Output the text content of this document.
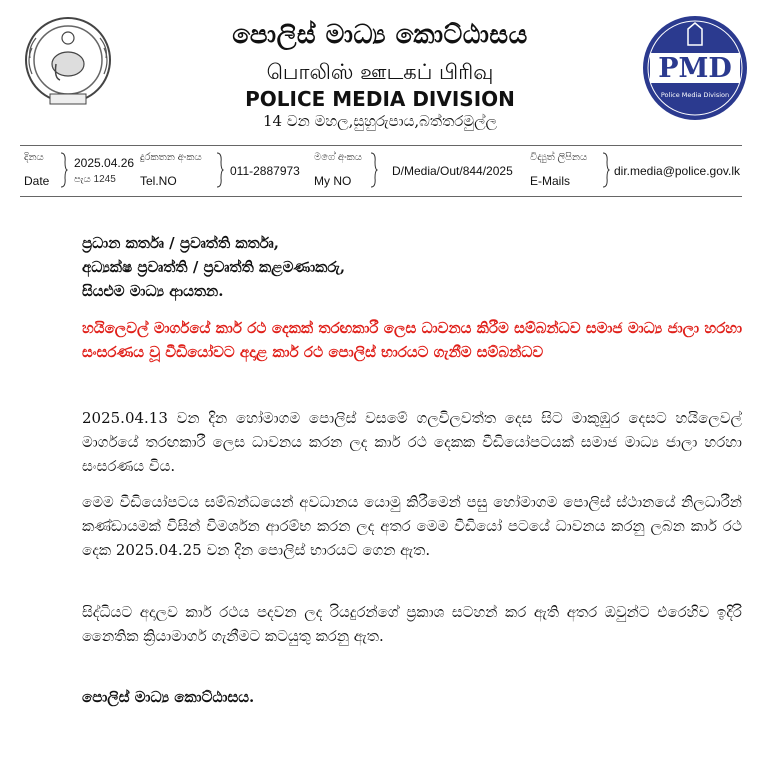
PMD
Police Media Division
පොලිස් මාධ්‍ය කොට්ඨාසය
பொலிஸ் ஊடகப் பிரிவு
POLICE MEDIA DIVISION
14 වන මහල,සුහුරුපාය,බත්තරමුල්ල
දිනය
Date
2025.04.26
පැය 1245
දුරකතන අංකය
Tel.NO
011-2887973
මගේ අංකය
My NO
D/Media/Out/844/2025
විද්‍යුත් ලිපිනය
E-Mails
dir.media@police.gov.lk
ප්‍රධාන කර්තෘ / ප්‍රවෘත්ති කර්තෘ,
අධ්‍යක්ෂ ප්‍රවෘත්ති / ප්‍රවෘත්ති කළමණාකරු,
සියළුම මාධ්‍ය ආයතන.
හයිලෙවල් මාර්ගයේ කාර් රථ දෙකක් තරඟකාරී ලෙස ධාවනය කිරීම සම්බන්ධව සමාජ මාධ්‍ය ජාලා හරහා සංසරණය වූ වීඩියෝවට අදාළ කාර් රථ පොලිස් භාරයට ගැනීම සම්බන්ධව
2025.04.13 වන දින හෝමාගම පොලිස් වසමේ ගලවිලවත්ත දෙස සිට මාකුඹුර දෙසට හයිලෙවල් මාර්ගයේ තරඟකාරී ලෙස ධාවනය කරන ලද කාර් රථ දෙකක වීඩියෝපටයක් සමාජ මාධ්‍ය ජාලා හරහා සංසරණය විය.
මෙම වීඩියෝපටය සම්බන්ධයෙන් අවධානය යොමු කිරීමෙන් පසු හෝමාගම පොලිස් ස්ථානයේ නිලධාරීන් කණ්ඩායමක් විසින් විමර්ශන ආරම්භ කරන ලද අතර මෙම වීඩියෝ පටයේ ධාවනය කරනු ලබන කාර් රථ දෙක 2025.04.25 වන දින පොලිස් භාරයට ගෙන ඇත.
සිද්ධියට අදාලව කාර් රථය පදවන ලද රියදුරන්ගේ ප්‍රකාශ සටහන් කර ඇති අතර ඔවුන්ට එරෙහිව ඉදිරි නෛතික ක්‍රියාමාර්ග ගැනීමට කටයුතු කරනු ඇත.
පොලිස් මාධ්‍ය කොට්ඨාසය.
